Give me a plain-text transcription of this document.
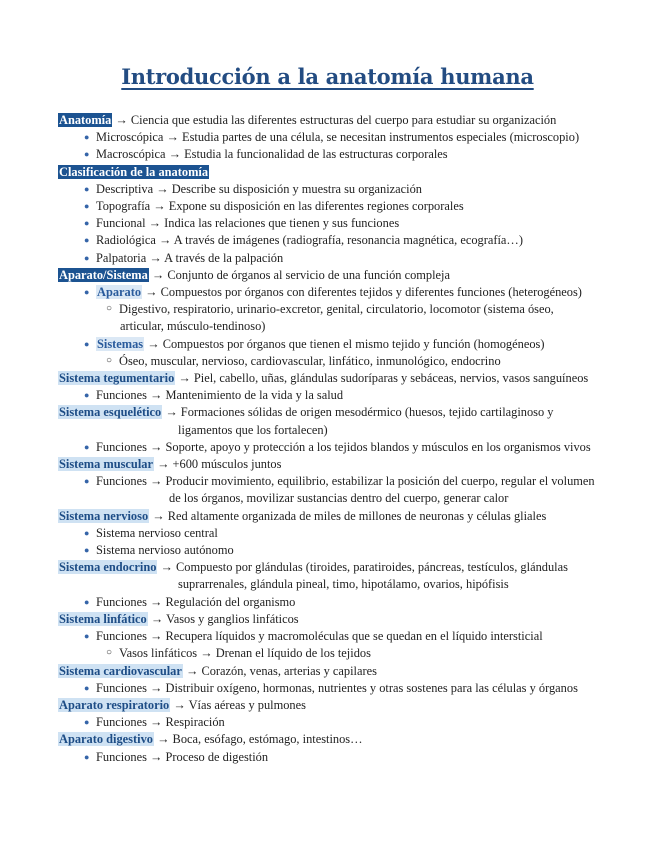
Introducción a la anatomía humana
Anatomía → Ciencia que estudia las diferentes estructuras del cuerpo para estudiar su organización
● Microscópica → Estudia partes de una célula, se necesitan instrumentos especiales (microscopio)
● Macroscópica → Estudia la funcionalidad de las estructuras corporales
Clasificación de la anatomía
● Descriptiva → Describe su disposición y muestra su organización
● Topografía → Expone su disposición en las diferentes regiones corporales
● Funcional → Indica las relaciones que tienen y sus funciones
● Radiológica → A través de imágenes (radiografía, resonancia magnética, ecografía…)
● Palpatoria → A través de la palpación
Aparato/Sistema → Conjunto de órganos al servicio de una función compleja
● Aparato → Compuestos por órganos con diferentes tejidos y diferentes funciones (heterogéneos)
○ Digestivo, respiratorio, urinario-excretor, genital, circulatorio, locomotor (sistema óseo,
articular, músculo-tendinoso)
● Sistemas → Compuestos por órganos que tienen el mismo tejido y función (homogéneos)
○ Óseo, muscular, nervioso, cardiovascular, linfático, inmunológico, endocrino
Sistema tegumentario → Piel, cabello, uñas, glándulas sudoríparas y sebáceas, nervios, vasos sanguíneos
● Funciones → Mantenimiento de la vida y la salud
Sistema esquelético → Formaciones sólidas de origen mesodérmico (huesos, tejido cartilaginoso y
ligamentos que los fortalecen)
● Funciones → Soporte, apoyo y protección a los tejidos blandos y músculos en los organismos vivos
Sistema muscular → +600 músculos juntos
● Funciones → Producir movimiento, equilibrio, estabilizar la posición del cuerpo, regular el volumen
de los órganos, movilizar sustancias dentro del cuerpo, generar calor
Sistema nervioso → Red altamente organizada de miles de millones de neuronas y células gliales
● Sistema nervioso central
● Sistema nervioso autónomo
Sistema endocrino → Compuesto por glándulas (tiroides, paratiroides, páncreas, testículos, glándulas
suprarrenales, glándula pineal, timo, hipotálamo, ovarios, hipófisis
● Funciones → Regulación del organismo
Sistema linfático → Vasos y ganglios linfáticos
● Funciones → Recupera líquidos y macromoléculas que se quedan en el líquido intersticial
○ Vasos linfáticos → Drenan el líquido de los tejidos
Sistema cardiovascular → Corazón, venas, arterias y capilares
● Funciones → Distribuir oxígeno, hormonas, nutrientes y otras sostenes para las células y órganos
Aparato respiratorio → Vías aéreas y pulmones
● Funciones → Respiración
Aparato digestivo → Boca, esófago, estómago, intestinos…
● Funciones → Proceso de digestión
